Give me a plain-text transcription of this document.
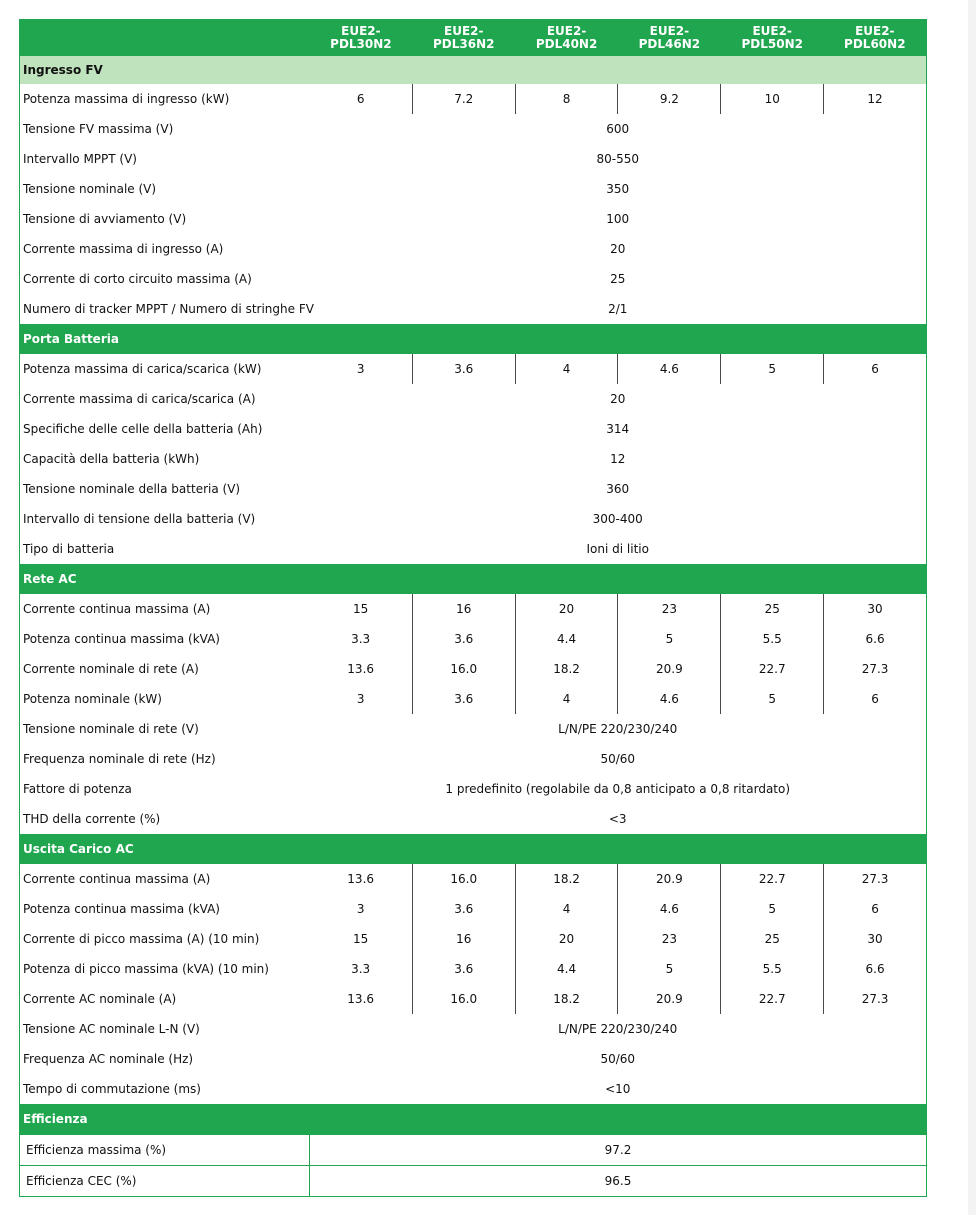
	EUE2-
PDL30N2	EUE2-
PDL36N2	EUE2-
PDL40N2	EUE2-
PDL46N2	EUE2-
PDL50N2	EUE2-
PDL60N2

Ingresso FV						
Potenza massima di ingresso (kW)	6	7.2	8	9.2	10	12
Tensione FV massima (V)	600					
Intervallo MPPT (V)	80-550					
Tensione nominale (V)	350					
Tensione di avviamento (V)	100					
Corrente massima di ingresso (A)	20					
Corrente di corto circuito massima (A)	25					
Numero di tracker MPPT / Numero di stringhe FV	2/1					
Porta Batteria						
Potenza massima di carica/scarica (kW)	3	3.6	4	4.6	5	6
Corrente massima di carica/scarica (A)	20					
Specifiche delle celle della batteria (Ah)	314					
Capacità della batteria (kWh)	12					
Tensione nominale della batteria (V)	360					
Intervallo di tensione della batteria (V)	300-400					
Tipo di batteria	Ioni di litio					
Rete AC						
Corrente continua massima (A)	15	16	20	23	25	30
Potenza continua massima (kVA)	3.3	3.6	4.4	5	5.5	6.6
Corrente nominale di rete (A)	13.6	16.0	18.2	20.9	22.7	27.3
Potenza nominale (kW)	3	3.6	4	4.6	5	6
Tensione nominale di rete (V)	L/N/PE 220/230/240					
Frequenza nominale di rete (Hz)	50/60					
Fattore di potenza	1 predefinito (regolabile da 0,8 anticipato a 0,8 ritardato)					
THD della corrente (%)	<3					
Uscita Carico AC						
Corrente continua massima (A)	13.6	16.0	18.2	20.9	22.7	27.3
Potenza continua massima (kVA)	3	3.6	4	4.6	5	6
Corrente di picco massima (A) (10 min)	15	16	20	23	25	30
Potenza di picco massima (kVA) (10 min)	3.3	3.6	4.4	5	5.5	6.6
Corrente AC nominale (A)	13.6	16.0	18.2	20.9	22.7	27.3
Tensione AC nominale L-N (V)	L/N/PE 220/230/240					
Frequenza AC nominale (Hz)	50/60					
Tempo di commutazione (ms)	<10					
Efficienza						
Efficienza massima (%)	97.2					
Efficienza CEC (%)	96.5					
